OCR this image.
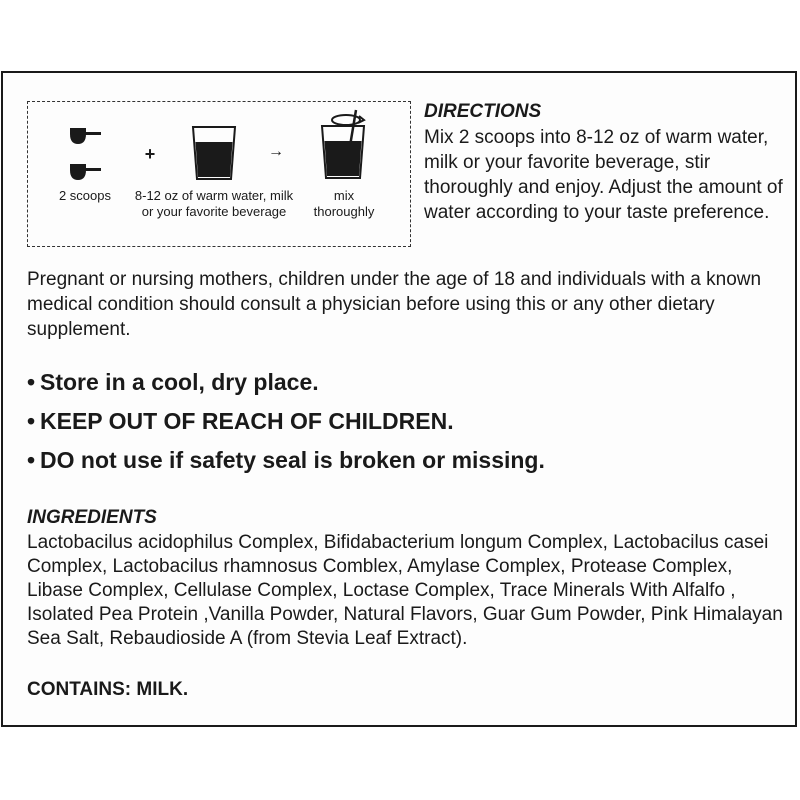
2 scoops
+
8-12 oz of warm water, milk or your favorite beverage
→
mix thoroughly
DIRECTIONS
Mix 2 scoops into 8-12 oz of warm water, milk or your favorite beverage, stir thoroughly and enjoy. Adjust the amount of water according to your taste preference.
Pregnant or nursing mothers, children under the age of 18 and individuals with a known medical condition should consult a physician before using this or any other dietary supplement.
• Store in a cool, dry place.
• KEEP OUT OF REACH OF CHILDREN.
• DO not use if safety seal is broken or missing.
INGREDIENTS
Lactobacilus acidophilus Complex, Bifidabacterium longum Complex, Lactobacilus casei Complex, Lactobacilus rhamnosus Comblex, Amylase Complex, Protease Complex, Libase Complex, Cellulase Complex, Loctase Complex, Trace Minerals With Alfalfo , Isolated Pea Protein ,Vanilla Powder, Natural Flavors, Guar Gum Powder, Pink Himalayan Sea Salt, Rebaudioside A (from Stevia Leaf Extract).
CONTAINS: MILK.
